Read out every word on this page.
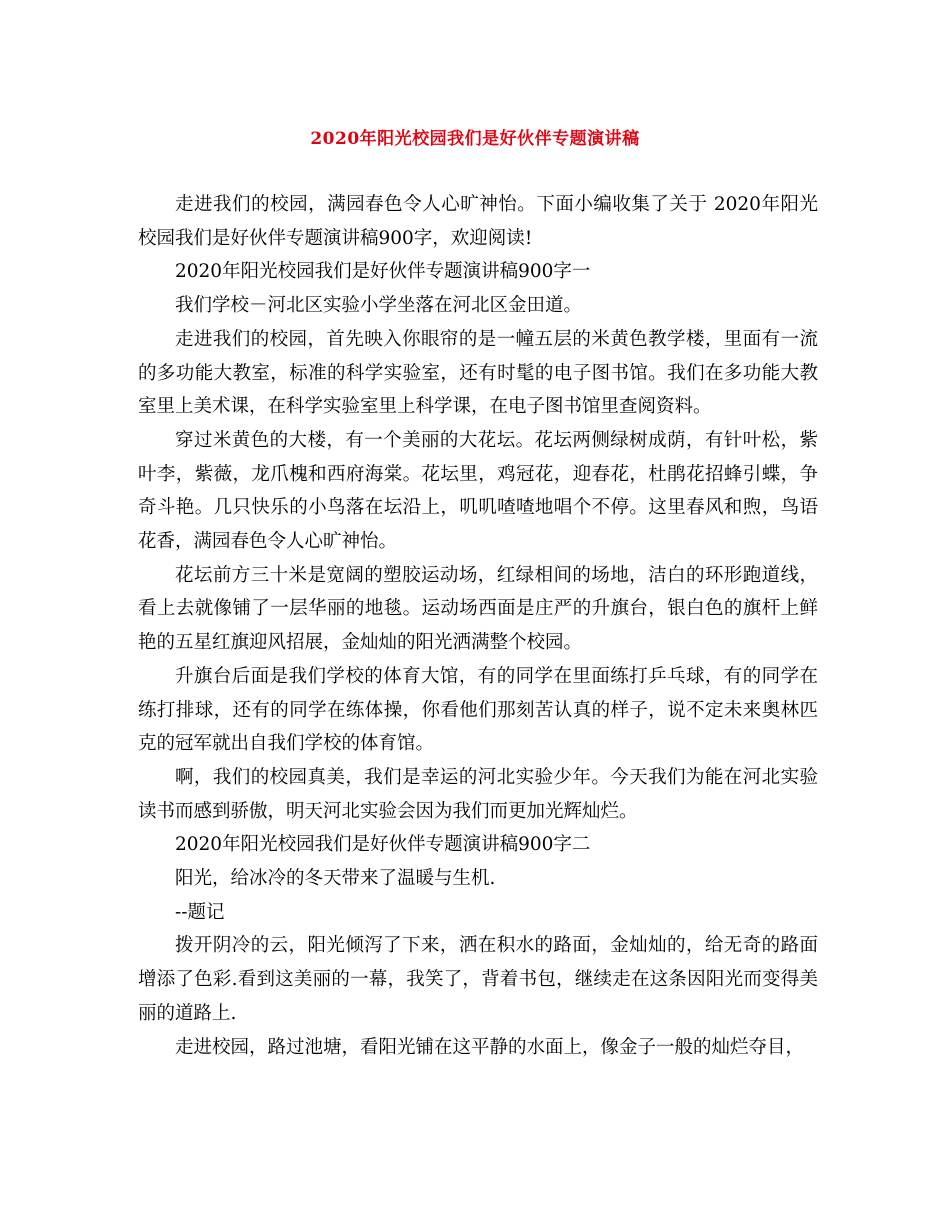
2020年阳光校园我们是好伙伴专题演讲稿

走进我们的校园，满园春色令人心旷神怡。下面小编收集了关于 2020年阳光校园我们是好伙伴专题演讲稿900字，欢迎阅读!

2020年阳光校园我们是好伙伴专题演讲稿900字一

我们学校－河北区实验小学坐落在河北区金田道。

走进我们的校园，首先映入你眼帘的是一幢五层的米黄色教学楼，里面有一流的多功能大教室，标准的科学实验室，还有时髦的电子图书馆。我们在多功能大教室里上美术课，在科学实验室里上科学课，在电子图书馆里查阅资料。

穿过米黄色的大楼，有一个美丽的大花坛。花坛两侧绿树成荫，有针叶松，紫叶李，紫薇，龙爪槐和西府海棠。花坛里，鸡冠花，迎春花，杜鹃花招蜂引蝶，争奇斗艳。几只快乐的小鸟落在坛沿上，叽叽喳喳地唱个不停。这里春风和煦，鸟语花香，满园春色令人心旷神怡。

花坛前方三十米是宽阔的塑胶运动场，红绿相间的场地，洁白的环形跑道线，看上去就像铺了一层华丽的地毯。运动场西面是庄严的升旗台，银白色的旗杆上鲜艳的五星红旗迎风招展，金灿灿的阳光洒满整个校园。

升旗台后面是我们学校的体育大馆，有的同学在里面练打乒乓球，有的同学在练打排球，还有的同学在练体操，你看他们那刻苦认真的样子，说不定未来奥林匹克的冠军就出自我们学校的体育馆。

啊，我们的校园真美，我们是幸运的河北实验少年。今天我们为能在河北实验读书而感到骄傲，明天河北实验会因为我们而更加光辉灿烂。

2020年阳光校园我们是好伙伴专题演讲稿900字二

阳光，给冰冷的冬天带来了温暖与生机.

--题记

拨开阴冷的云，阳光倾泻了下来，洒在积水的路面，金灿灿的，给无奇的路面增添了色彩.看到这美丽的一幕，我笑了，背着书包，继续走在这条因阳光而变得美丽的道路上.

走进校园，路过池塘，看阳光铺在这平静的水面上，像金子一般的灿烂夺目，
